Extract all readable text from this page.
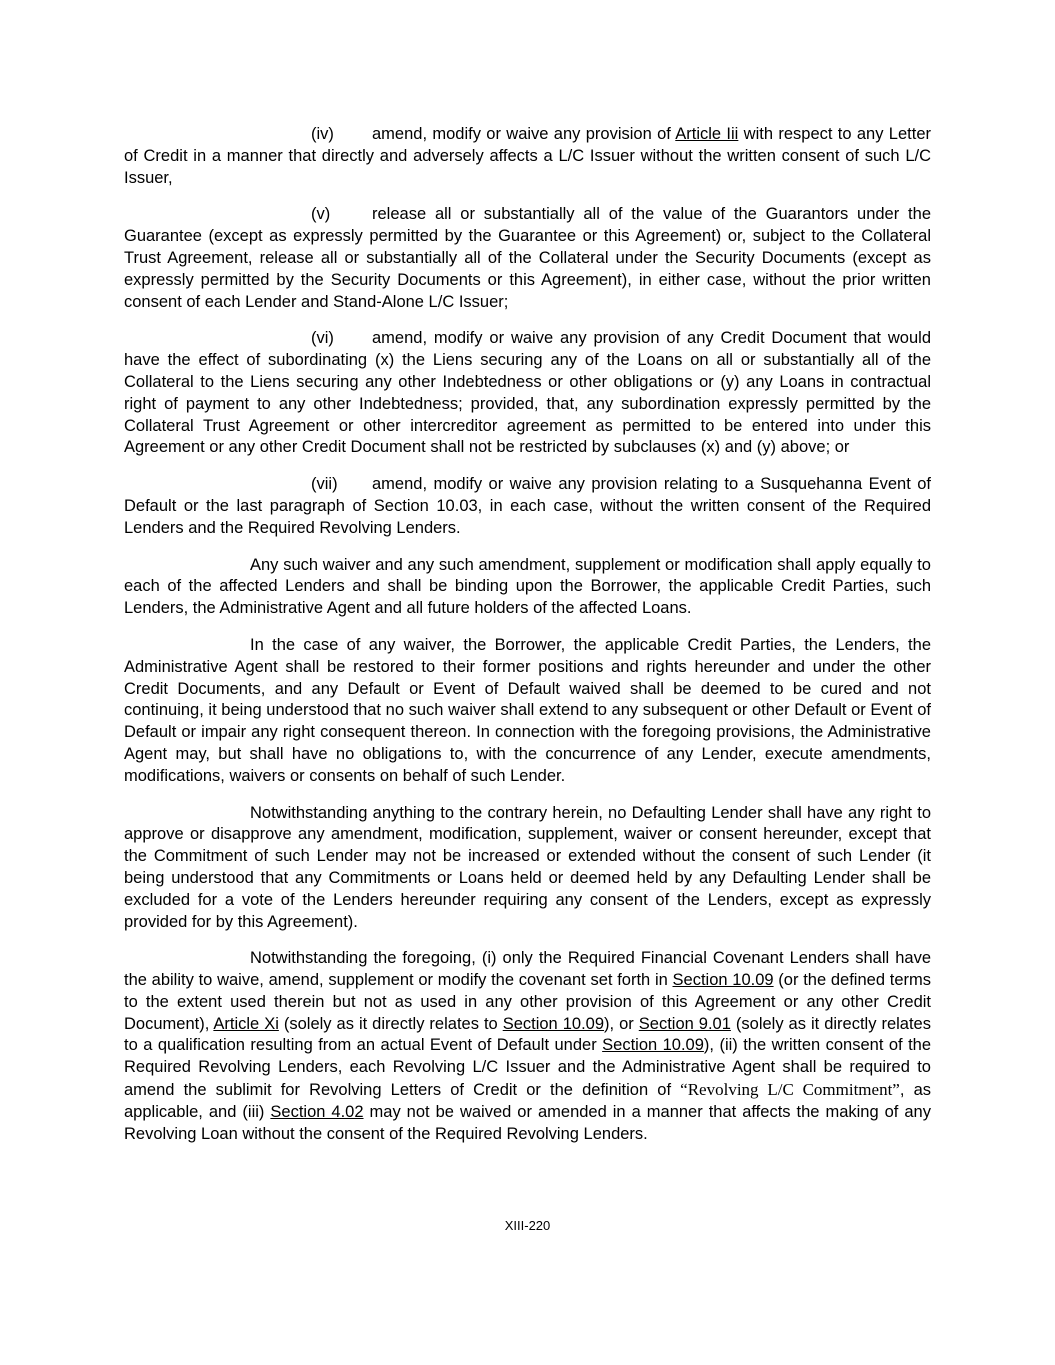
(iv) amend, modify or waive any provision of Article Iii with respect to any Letter of Credit in a manner that directly and adversely affects a L/C Issuer without the written consent of such L/C Issuer,

(v)	release all or substantially all of the value of the Guarantors under the Guarantee (except as expressly permitted by the Guarantee or this Agreement) or, subject to the Collateral Trust Agreement, release all or substantially all of the Collateral under the Security Documents (except as expressly permitted by the Security Documents or this Agreement), in either case, without the prior written consent of each Lender and Stand-Alone L/C Issuer;

(vi) amend, modify or waive any provision of any Credit Document that would have the effect of subordinating (x) the Liens securing any of the Loans on all or substantially all of the Collateral to the Liens securing any other Indebtedness or other obligations or (y) any Loans in contractual right of payment to any other Indebtedness; provided, that, any subordination expressly permitted by the Collateral Trust Agreement or other intercreditor agreement as permitted to be entered into under this Agreement or any other Credit Document shall not be restricted by subclauses (x) and (y) above; or

(vii) amend, modify or waive any provision relating to a Susquehanna Event of Default or the last paragraph of Section 10.03, in each case, without the written consent of the Required Lenders and the Required Revolving Lenders.

Any such waiver and any such amendment, supplement or modification shall apply equally to each of the affected Lenders and shall be binding upon the Borrower, the applicable Credit Parties, such Lenders, the Administrative Agent and all future holders of the affected Loans.

In the case of any waiver, the Borrower, the applicable Credit Parties, the Lenders, the Administrative Agent shall be restored to their former positions and rights hereunder and under the other Credit Documents, and any Default or Event of Default waived shall be deemed to be cured and not continuing, it being understood that no such waiver shall extend to any subsequent or other Default or Event of Default or impair any right consequent thereon. In connection with the foregoing provisions, the Administrative Agent may, but shall have no obligations to, with the concurrence of any Lender, execute amendments, modifications, waivers or consents on behalf of such Lender.

Notwithstanding anything to the contrary herein, no Defaulting Lender shall have any right to approve or disapprove any amendment, modification, supplement, waiver or consent hereunder, except that the Commitment of such Lender may not be increased or extended without the consent of such Lender (it being understood that any Commitments or Loans held or deemed held by any Defaulting Lender shall be excluded for a vote of the Lenders hereunder requiring any consent of the Lenders, except as expressly provided for by this Agreement).

Notwithstanding the foregoing, (i) only the Required Financial Covenant Lenders shall have the ability to waive, amend, supplement or modify the covenant set forth in Section 10.09 (or the defined terms to the extent used therein but not as used in any other provision of this Agreement or any other Credit Document), Article Xi (solely as it directly relates to Section 10.09), or Section 9.01 (solely as it directly relates to a qualification resulting from an actual Event of Default under Section 10.09), (ii) the written consent of the Required Revolving Lenders, each Revolving L/C Issuer and the Administrative Agent shall be required to amend the sublimit for Revolving Letters of Credit or the definition of “Revolving L/C Commitment”, as applicable, and (iii) Section 4.02 may not be waived or amended in a manner that affects the making of any Revolving Loan without the consent of the Required Revolving Lenders.

XIII-220
